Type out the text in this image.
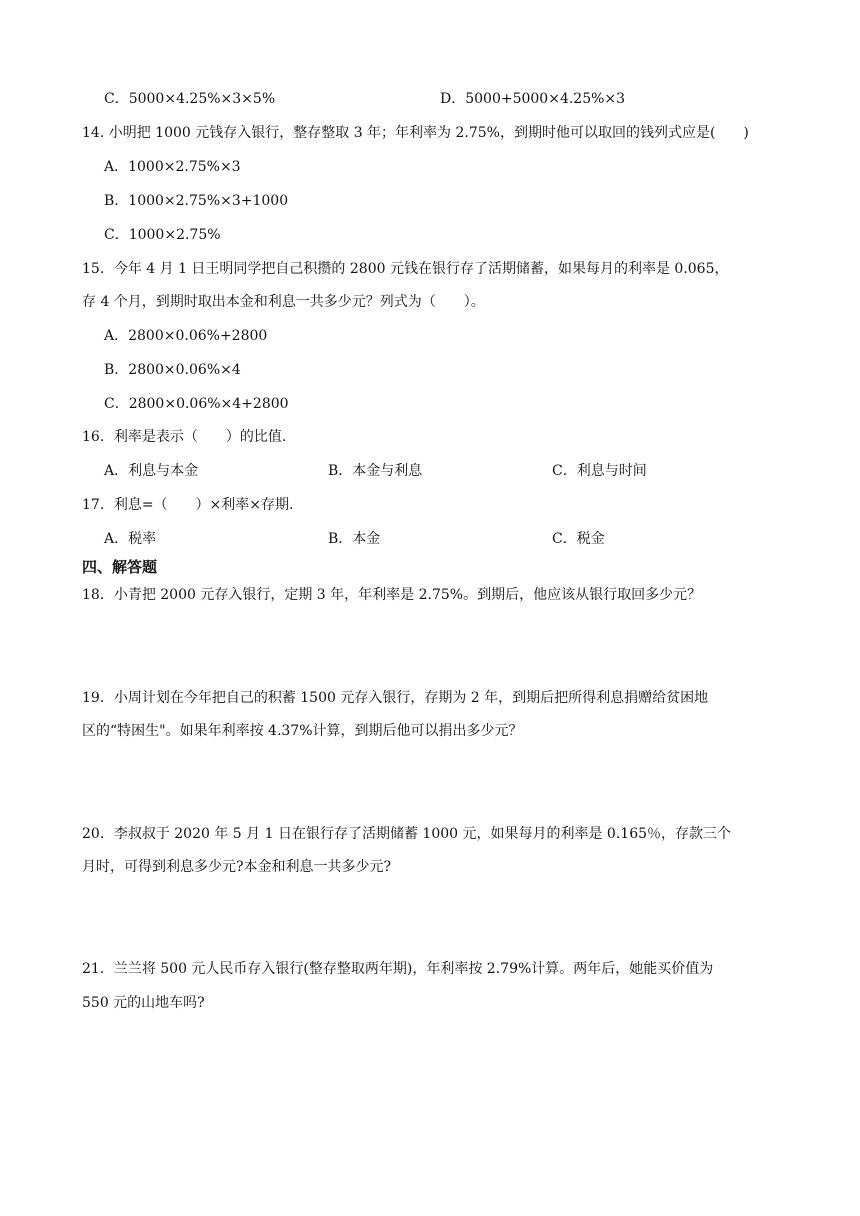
C．5000×4.25%×3×5%	D．5000+5000×4.25%×3
14. 小明把 1000 元钱存入银行，整存整取 3 年；年利率为 2.75%，到期时他可以取回的钱列式应是(　　)
A．1000×2.75%×3
B．1000×2.75%×3+1000
C．1000×2.75%
15．今年 4 月 1 日王明同学把自己积攒的 2800 元钱在银行存了活期储蓄，如果每月的利率是 0.065，
存 4 个月，到期时取出本金和利息一共多少元？列式为（　　）。
A．2800×0.06%+2800
B．2800×0.06%×4
C．2800×0.06%×4+2800
16．利率是表示（　　）的比值.
A．利息与本金	B．本金与利息	C．利息与时间
17．利息=（　　）×利率×存期.
A．税率	B．本金	C．税金
四、解答题
18．小青把 2000 元存入银行，定期 3 年，年利率是 2.75%。到期后，他应该从银行取回多少元？
19．小周计划在今年把自己的积蓄 1500 元存入银行，存期为 2 年，到期后把所得利息捐赠给贫困地
区的“特困生"。如果年利率按 4.37%计算，到期后他可以捐出多少元？
20．李叔叔于 2020 年 5 月 1 日在银行存了活期储蓄 1000 元，如果每月的利率是 0.165％，存款三个
月时，可得到利息多少元?本金和利息一共多少元?
21．兰兰将 500 元人民币存入银行(整存整取两年期)，年利率按 2.79%计算。两年后，她能买价值为
550 元的山地车吗?
